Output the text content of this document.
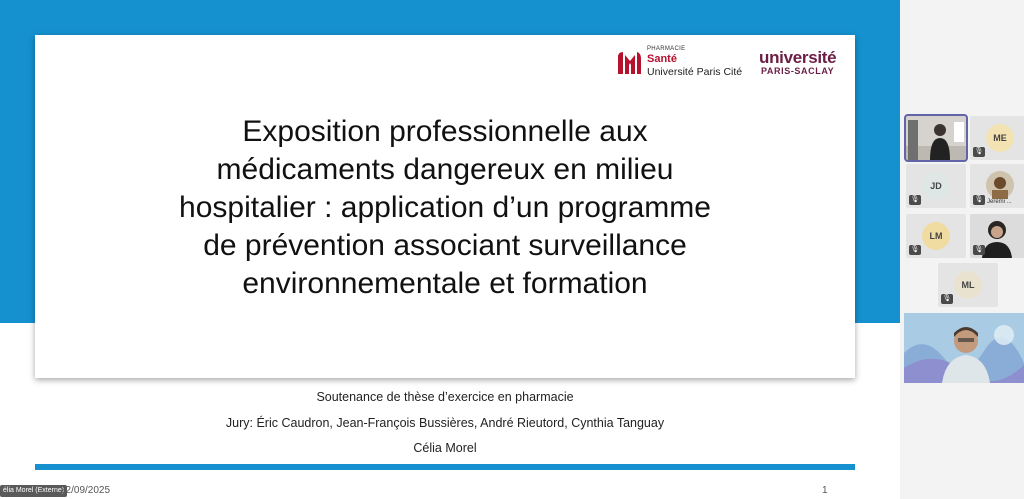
PHARMACIE
Santé
Université Paris Cité
université
PARIS-SACLAY
Exposition professionnelle aux
médicaments dangereux en milieu
hospitalier : application d’un programme
de prévention associant surveillance
environnementale et formation
Soutenance de thèse d’exercice en pharmacie
Jury: Éric Caudron, Jean-François Bussières, André Rieutord, Cynthia Tanguay
Célia Morel
élia Morel (Externe)
22/09/2025	1
ME
🎙
JD
🎙	🎙 Jeremi ...
LM
🎙	🎙
ML
🎙
